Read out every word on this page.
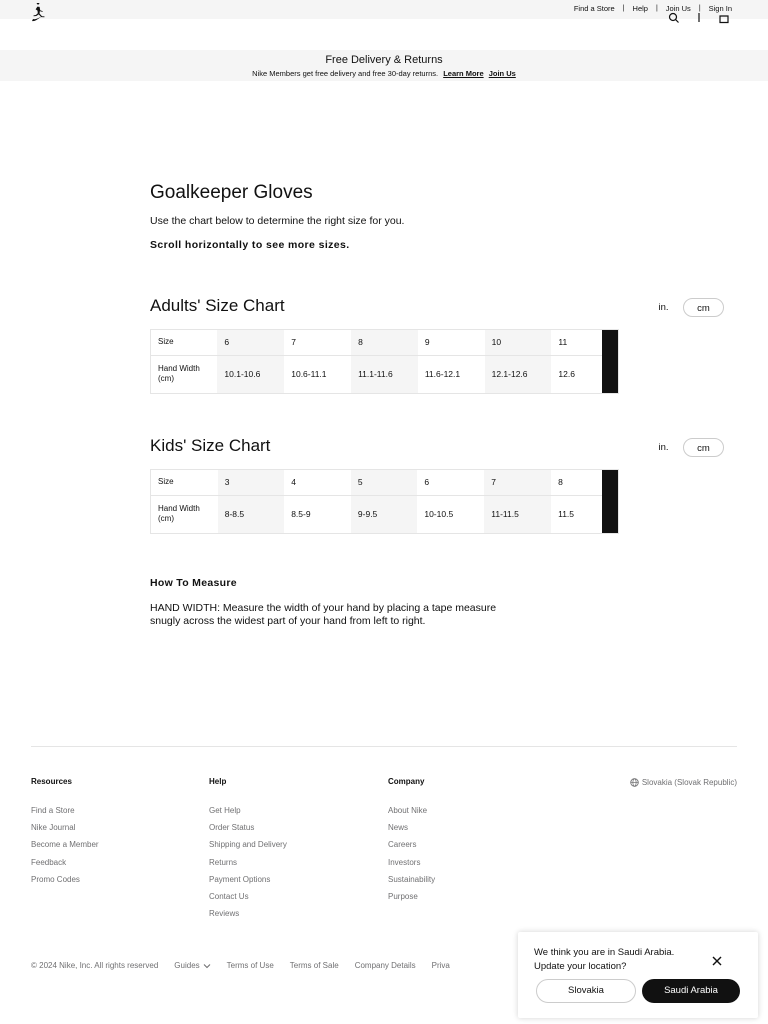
Find a Store | Help | Join Us | Sign In
Free Delivery & Returns
Nike Members get free delivery and free 30-day returns. Learn More Join Us
Goalkeeper Gloves

Use the chart below to determine the right size for you.

Scroll horizontally to see more sizes.

Adults' Size Chart	in.	cm
Size	6	7	8	9	10	11
Hand Width (cm)	10.1-10.6	10.6-11.1	11.1-11.6	11.6-12.1	12.1-12.6	12.6
Kids' Size Chart	in.	cm
Size	3	4	5	6	7	8
Hand Width (cm)	8-8.5	8.5-9	9-9.5	10-10.5	11-11.5	11.5
How To Measure

HAND WIDTH: Measure the width of your hand by placing a tape measure snugly across the widest part of your hand from left to right.

Resources
Find a Store
Nike Journal
Become a Member
Feedback
Promo Codes
Help
Get Help
Order Status
Shipping and Delivery
Returns
Payment Options
Contact Us
Reviews
Company
About Nike
News
Careers
Investors
Sustainability
Purpose
Slovakia (Slovak Republic)
© 2024 Nike, Inc. All rights reserved Guides	Terms of Use Terms of Sale Company Details Priva
We think you are in Saudi Arabia. Update your location?
Slovakia	Saudi Arabia
